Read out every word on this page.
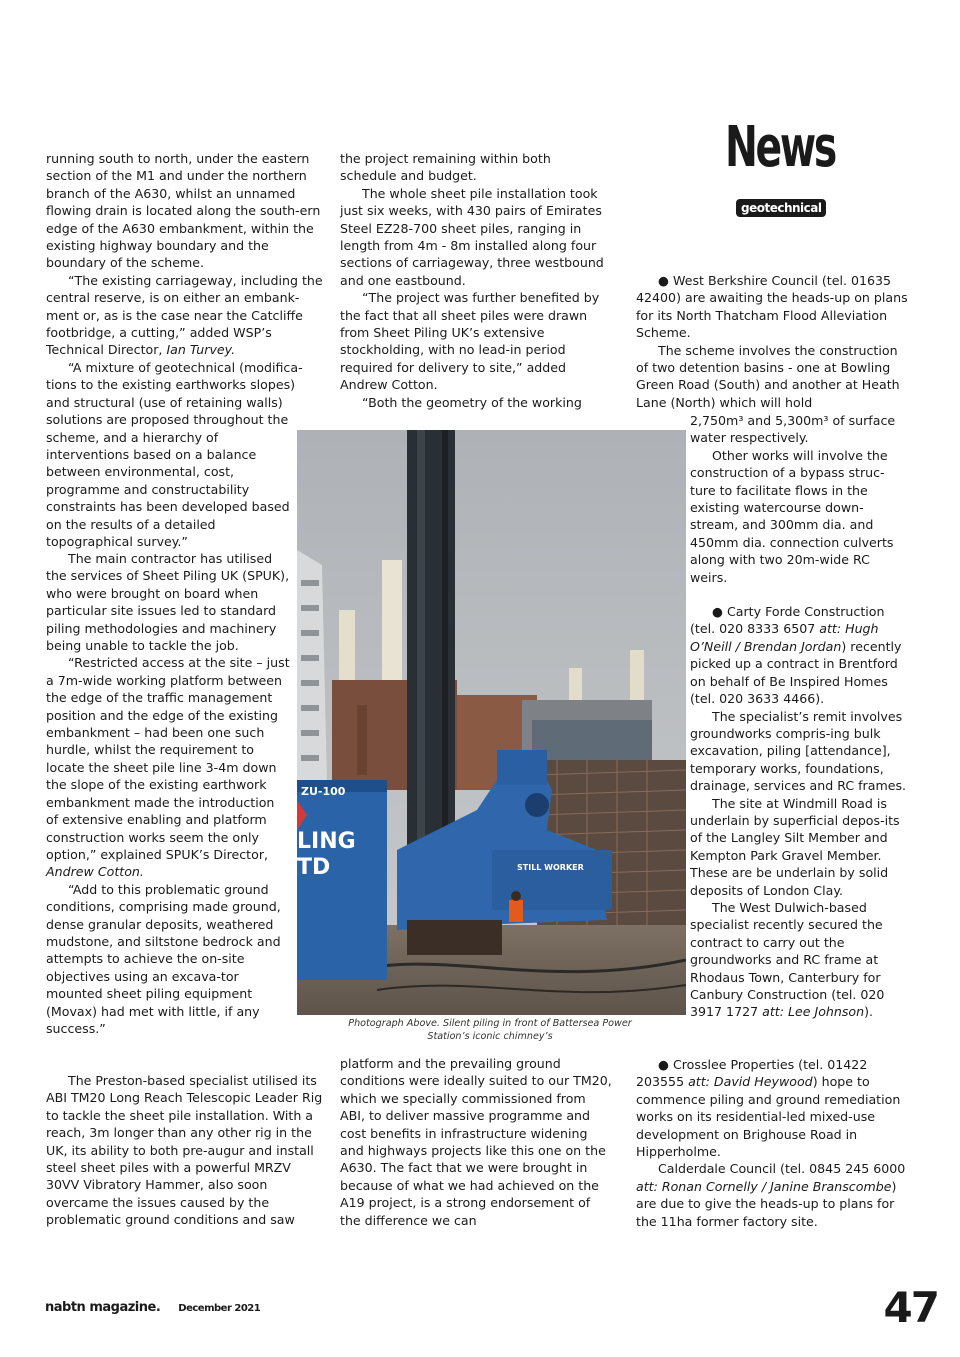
News
geotechnical

running south to north, under the eastern section of the M1 and under the northern branch of the A630, whilst an unnamed flowing drain is located along the south-ern edge of the A630 embankment, within the existing highway boundary and the boundary of the scheme.

“The existing carriageway, including the central reserve, is on either an embank-ment or, as is the case near the Catcliffe footbridge, a cutting,” added WSP’s Technical Director, Ian Turvey.

“A mixture of geotechnical (modifica-tions to the existing earthworks slopes) and structural (use of retaining walls) solutions are proposed throughout the scheme, and a hierarchy of interventions based on a balance between environmental, cost, programme and constructability constraints has been developed based on the results of a detailed topographical survey.”

The main contractor has utilised the services of Sheet Piling UK (SPUK), who were brought on board when particular site issues led to standard piling methodologies and machinery being unable to tackle the job.

“Restricted access at the site – just a 7m-wide working platform between the edge of the traffic management position and the edge of the existing embankment – had been one such hurdle, whilst the requirement to locate the sheet pile line 3-4m down the slope of the existing earthwork embankment made the introduction of extensive enabling and platform construction works seem the only option,” explained SPUK’s Director, Andrew Cotton.

“Add to this problematic ground conditions, comprising made ground, dense granular deposits, weathered mudstone, and siltstone bedrock and attempts to achieve the on-site objectives using an excava-tor mounted sheet piling equipment (Movax) had met with little, if any success.”

The Preston-based specialist utilised its ABI TM20 Long Reach Telescopic Leader Rig to tackle the sheet pile installation. With a reach, 3m longer than any other rig in the UK, its ability to both pre-augur and install steel sheet piles with a powerful MRZV 30VV Vibratory Hammer, also soon overcame the issues caused by the problematic ground conditions and saw

the project remaining within both schedule and budget.

The whole sheet pile installation took just six weeks, with 430 pairs of Emirates Steel EZ28-700 sheet piles, ranging in length from 4m - 8m installed along four sections of carriageway, three westbound and one eastbound.

“The project was further benefited by the fact that all sheet piles were drawn from Sheet Piling UK’s extensive stockholding, with no lead-in period required for delivery to site,” added Andrew Cotton.

“Both the geometry of the working

platform and the prevailing ground conditions were ideally suited to our TM20, which we specially commissioned from ABI, to deliver massive programme and cost benefits in infrastructure widening and highways projects like this one on the A630. The fact that we were brought in because of what we had achieved on the A19 project, is a strong endorsement of the difference we can

ZU-100
LING
TD	STILL WORKER
Photograph Above. Silent piling in front of Battersea Power Station’s iconic chimney’s

● West Berkshire Council (tel. 01635 42400) are awaiting the heads-up on plans for its North Thatcham Flood Alleviation Scheme.

The scheme involves the construction of two detention basins - one at Bowling Green Road (South) and another at Heath Lane (North) which will hold

2,750m³ and 5,300m³ of surface water respectively.

Other works will involve the construction of a bypass struc-ture to facilitate flows in the existing watercourse down-stream, and 300mm dia. and 450mm dia. connection culverts along with two 20m-wide RC weirs.

● Carty Forde Construction (tel. 020 8333 6507 att: Hugh O’Neill / Brendan Jordan) recently picked up a contract in Brentford on behalf of Be Inspired Homes (tel. 020 3633 4466).

The specialist’s remit involves groundworks compris-ing bulk excavation, piling [attendance], temporary works, foundations, drainage, services and RC frames.

The site at Windmill Road is underlain by superficial depos-its of the Langley Silt Member and Kempton Park Gravel Member. These are be underlain by solid deposits of London Clay.

The West Dulwich-based specialist recently secured the contract to carry out the groundworks and RC frame at Rhodaus Town, Canterbury for Canbury Construction (tel. 020 3917 1727 att: Lee Johnson).

● Crosslee Properties (tel. 01422 203555 att: David Heywood) hope to commence piling and ground remediation works on its residential-led mixed-use development on Brighouse Road in Hipperholme.

Calderdale Council (tel. 0845 245 6000 att: Ronan Cornelly / Janine Branscombe) are due to give the heads-up to plans for the 11ha former factory site.

nabtn magazine. December 2021	47
